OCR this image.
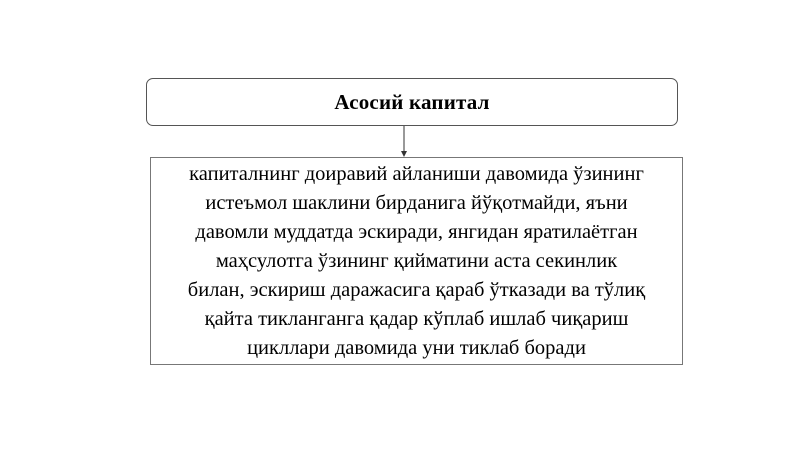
Асосий капитал
капиталнинг доиравий айланиши давомида ўзининг
истеъмол шаклини бирданига йўқотмайди, яъни
давомли муддатда эскиради, янгидан яратилаётган
маҳсулотга ўзининг қийматини аста секинлик
билан, эскириш даражасига қараб ўтказади ва тўлиқ
қайта тикланганга қадар кўплаб ишлаб чиқариш
цикллари давомида уни тиклаб боради
